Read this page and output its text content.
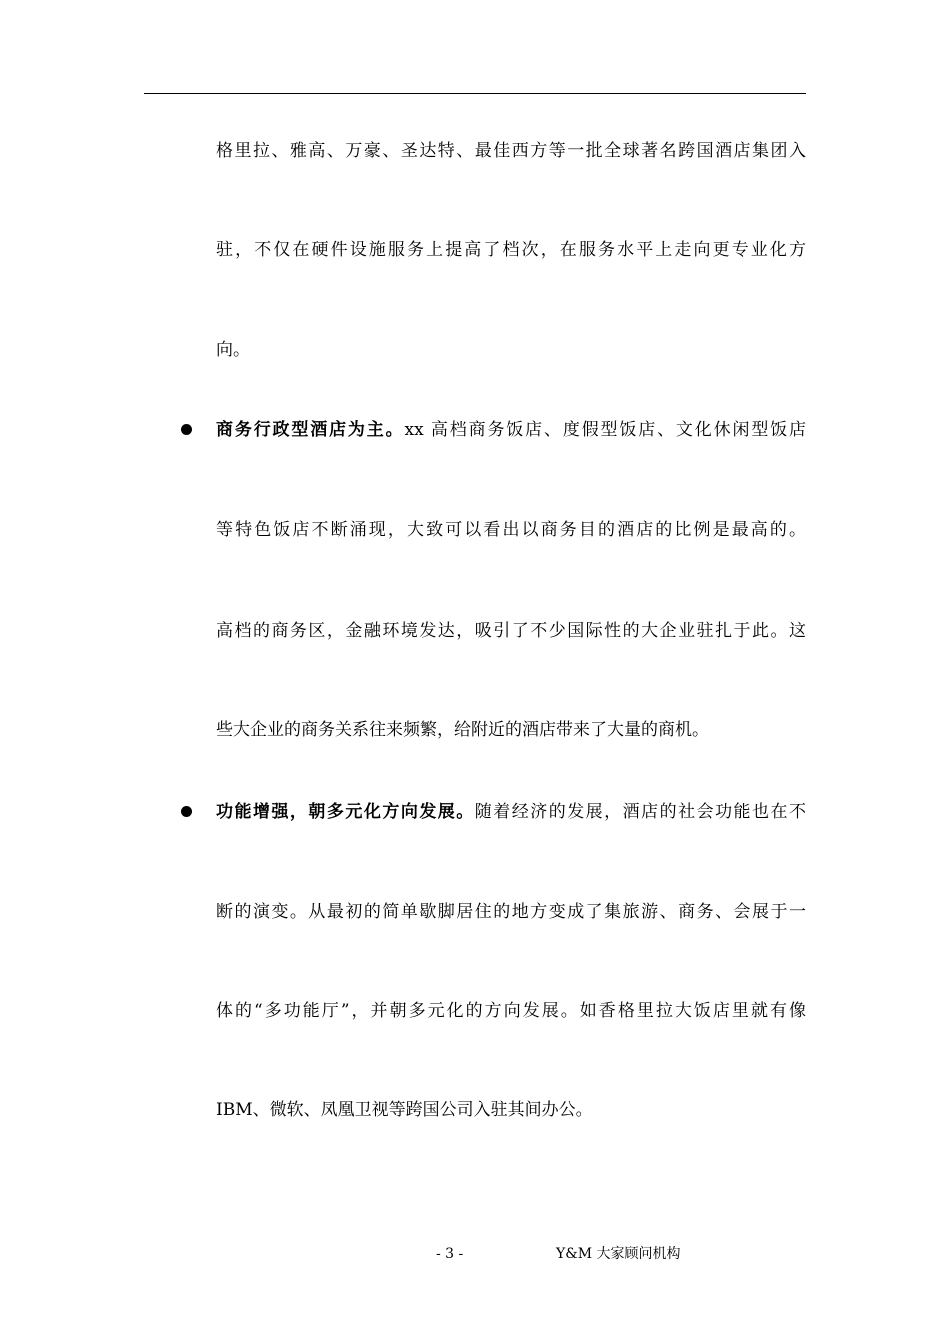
格里拉、雅高、万豪、圣达特、最佳西方等一批全球著名跨国酒店集团入
驻，不仅在硬件设施服务上提高了档次，在服务水平上走向更专业化方
向。
商务行政型酒店为主。xx 高档商务饭店、度假型饭店、文化休闲型饭店
等特色饭店不断涌现，大致可以看出以商务目的酒店的比例是最高的。
高档的商务区，金融环境发达，吸引了不少国际性的大企业驻扎于此。这
些大企业的商务关系往来频繁，给附近的酒店带来了大量的商机。
功能增强，朝多元化方向发展。随着经济的发展，酒店的社会功能也在不
断的演变。从最初的简单歇脚居住的地方变成了集旅游、商务、会展于一
体的“多功能厅”，并朝多元化的方向发展。如香格里拉大饭店里就有像
IBM、微软、凤凰卫视等跨国公司入驻其间办公。
- 3 -	Y&M 大家顾问机构
